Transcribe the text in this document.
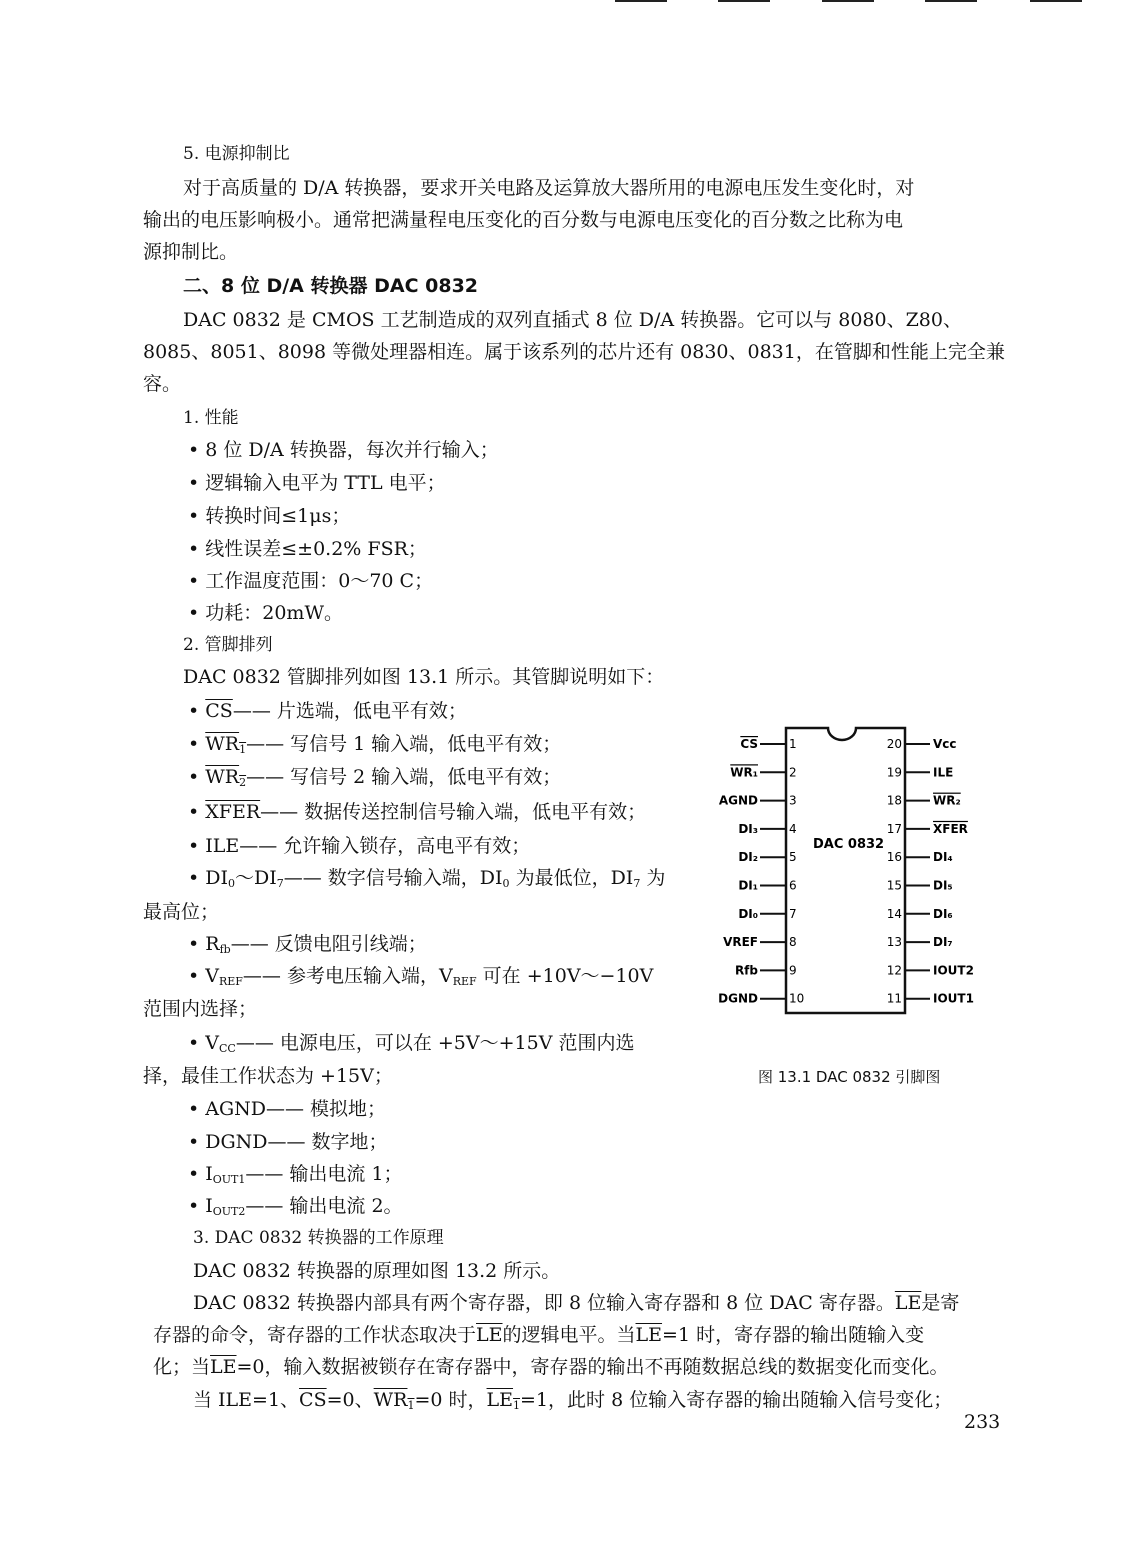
5. 电源抑制比
对于高质量的 D/A 转换器，要求开关电路及运算放大器所用的电源电压发生变化时，对
输出的电压影响极小。通常把满量程电压变化的百分数与电源电压变化的百分数之比称为电
源抑制比。
二、8 位 D/A 转换器 DAC 0832
DAC 0832 是 CMOS 工艺制造成的双列直插式 8 位 D/A 转换器。它可以与 8080、Z80、
8085、8051、8098 等微处理器相连。属于该系列的芯片还有 0830、0831，在管脚和性能上完全兼
容。
1. 性能
• 8 位 D/A 转换器，每次并行输入；
• 逻辑输入电平为 TTL 电平；
• 转换时间≤1μs；
• 线性误差≤±0.2% FSR；
• 工作温度范围：0～70 C；
• 功耗：20mW。
2. 管脚排列
DAC 0832 管脚排列如图 13.1 所示。其管脚说明如下：
• $\overline{CS}——$ 片选端，低电平有效；
• $WR_1——$ 写信号 1 输入端，低电平有效；
• $WR_2——$ 写信号 2 输入端，低电平有效；
• XFER—— 数据传送控制信号输入端，低电平有效；
• ILE—— 允许输入锁存，高电平有效；
• $DI_0\sim DI_7——$ 数字信号输入端，$DI_0$ 为最低位，$DI_7$ 为
最高位；
• $R_{fb}——$ 反馈电阻引线端；
• $V_{REF}——$ 参考电压输入端，$V_{REF}$ 可在 +10V～−10V
范围内选择；
• $V_{CC}——$ 电源电压，可以在 +5V～+15V 范围内选
择，最佳工作状态为 +15V；
• AGND—— 模拟地；
• DGND—— 数字地；
• $I_{OUT1}——$ 输出电流 1；
• $I_{OUT2}——$ 输出电流 2。
3. DAC 0832 转换器的工作原理
DAC 0832 转换器的原理如图 13.2 所示。
DAC 0832 转换器内部具有两个寄存器，即 8 位输入寄存器和 8 位 DAC 寄存器。$\overline{LE}$是寄
存器的命令，寄存器的工作状态取决于$\overline{LE}$的逻辑电平。当$\overline{LE}=1$ 时，寄存器的输出随输入变
化；当$\overline{LE}=0$，输入数据被锁存在寄存器中，寄存器的输出不再随数据总线的数据变化而变化。
当 ILE=1、$\overline{CS}=0$、$WR_1=0$ 时，$LE_1=1$，此时 8 位输入寄存器的输出随输入信号变化；
DAC 0832
1
CS
2
WR₁
3
AGND
4
DI₃
5
DI₂
6
DI₁
7
DI₀
8
VREF
9
Rfb
10
DGND
20	Vcc
19	ILE
18	WR₂
17	XFER
16	DI₄
15	DI₅
14	DI₆
13	DI₇
12	IOUT2
11	IOUT1
图 13.1 DAC 0832 引脚图
233
